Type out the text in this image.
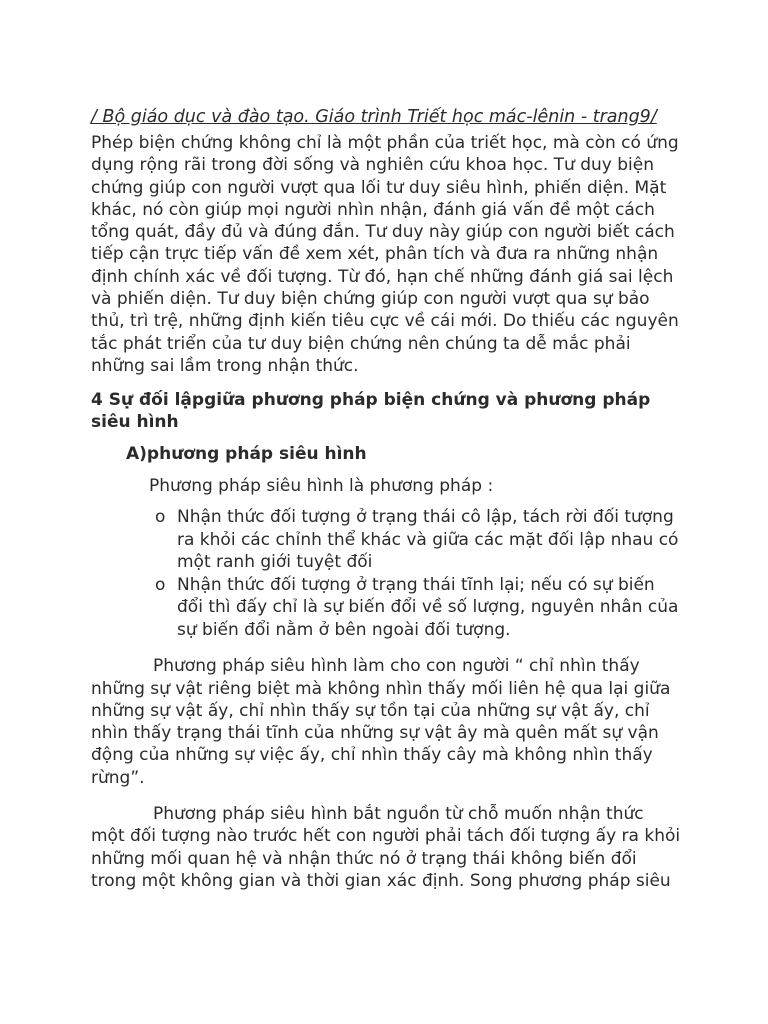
/ Bộ giáo dục và đào tạo. Giáo trình Triết học mác-lênin - trang9/

Phép biện chứng không chỉ là một phần của triết học, mà còn có ứng dụng rộng rãi trong đời sống và nghiên cứu khoa học. Tư duy biện chứng giúp con người vượt qua lối tư duy siêu hình, phiến diện. Mặt khác, nó còn giúp mọi người nhìn nhận, đánh giá vấn đề một cách tổng quát, đầy đủ và đúng đắn. Tư duy này giúp con người biết cách tiếp cận trực tiếp vấn đề xem xét, phân tích và đưa ra những nhận định chính xác về đối tượng. Từ đó, hạn chế những đánh giá sai lệch và phiến diện. Tư duy biện chứng giúp con người vượt qua sự bảo thủ, trì trệ, những định kiến tiêu cực về cái mới. Do thiếu các nguyên tắc phát triển của tư duy biện chứng nên chúng ta dễ mắc phải những sai lầm trong nhận thức.

4 Sự đối lậpgiữa phương pháp biện chứng và phương pháp siêu hình
A)phương pháp siêu hình
Phương pháp siêu hình là phương pháp :
o Nhận thức đối tượng ở trạng thái cô lập, tách rời đối tượng ra khỏi các chỉnh thể khác và giữa các mặt đối lập nhau có một ranh giới tuyệt đối
o Nhận thức đối tượng ở trạng thái tĩnh lại; nếu có sự biến đổi thì đấy chỉ là sự biến đổi về số lượng, nguyên nhân của sự biến đổi nằm ở bên ngoài đối tượng.

Phương pháp siêu hình làm cho con người “ chỉ nhìn thấy những sự vật riêng biệt mà không nhìn thấy mối liên hệ qua lại giữa những sự vật ấy, chỉ nhìn thấy sự tồn tại của những sự vật ấy, chỉ nhìn thấy trạng thái tĩnh của những sự vật ây mà quên mất sự vận động của những sự việc ấy, chỉ nhìn thấy cây mà không nhìn thấy rừng”.

Phương pháp siêu hình bắt nguồn từ chỗ muốn nhận thức một đối tượng nào trước hết con người phải tách đối tượng ấy ra khỏi những mối quan hệ và nhận thức nó ở trạng thái không biến đổi trong một không gian và thời gian xác định. Song phương pháp siêu
